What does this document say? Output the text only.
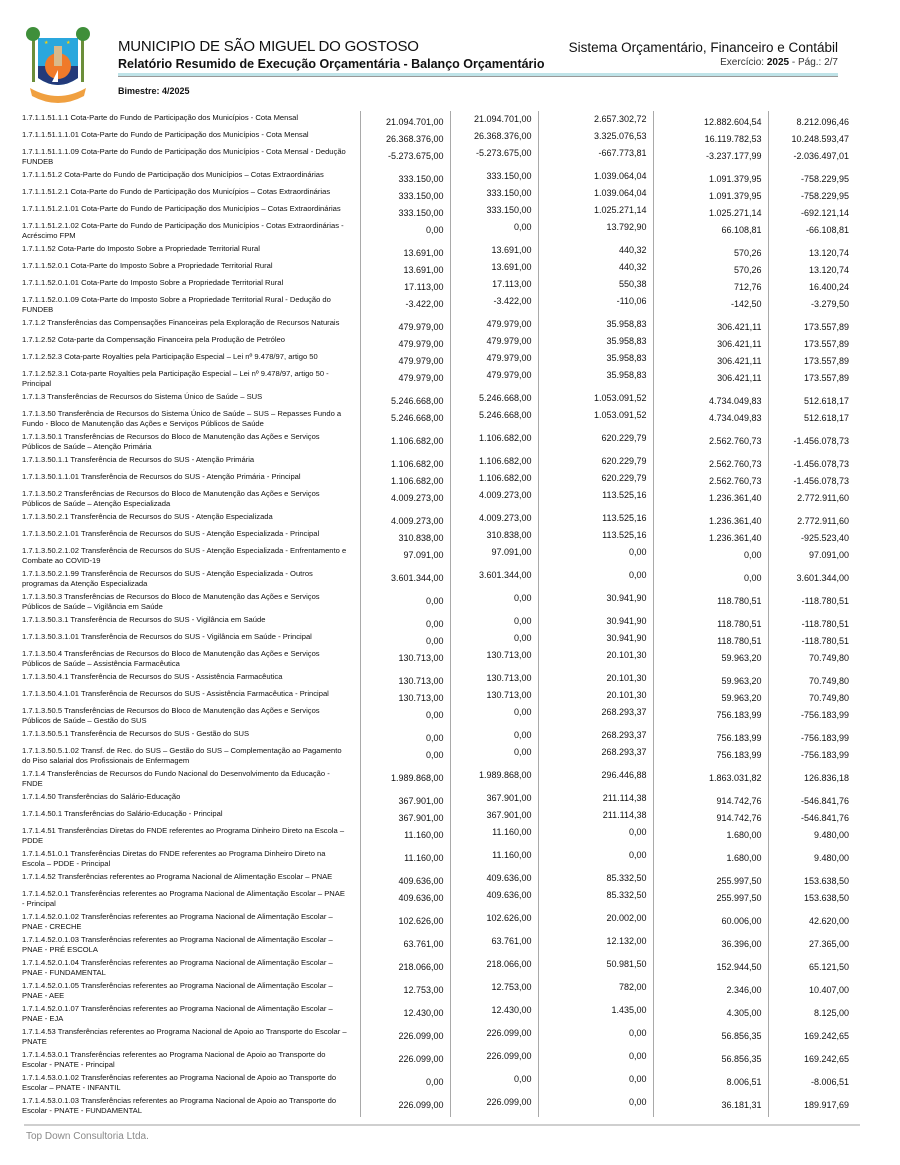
★	★	MUNICIPIO DE SÃO MIGUEL DO GOSTOSO
Relatório Resumido de Execução Orçamentária - Balanço Orçamentário
Sistema Orçamentário, Financeiro e Contábil
Exercício: 2025 - Pág.: 2/7
Bimestre: 4/2025
1.7.1.1.51.1.1 Cota-Parte do Fundo de Participação dos Municípios - Cota Mensal	21.094.701,00	21.094.701,00	2.657.302,72	12.882.604,54	8.212.096,46
1.7.1.1.51.1.1.01 Cota-Parte do Fundo de Participação dos Municípios - Cota Mensal	26.368.376,00	26.368.376,00	3.325.076,53	16.119.782,53	10.248.593,47
1.7.1.1.51.1.1.09 Cota-Parte do Fundo de Participação dos Municípios - Cota Mensal - Dedução FUNDEB	-5.273.675,00	-5.273.675,00	-667.773,81	-3.237.177,99	-2.036.497,01
1.7.1.1.51.2 Cota-Parte do Fundo de Participação dos Municípios – Cotas Extraordinárias	333.150,00	333.150,00	1.039.064,04	1.091.379,95	-758.229,95
1.7.1.1.51.2.1 Cota-Parte do Fundo de Participação dos Municípios – Cotas Extraordinárias	333.150,00	333.150,00	1.039.064,04	1.091.379,95	-758.229,95
1.7.1.1.51.2.1.01 Cota-Parte do Fundo de Participação dos Municípios – Cotas Extraordinárias	333.150,00	333.150,00	1.025.271,14	1.025.271,14	-692.121,14
1.7.1.1.51.2.1.02 Cota-Parte do Fundo de Participação dos Municípios - Cotas Extraordinárias - Acréscimo FPM	0,00	0,00	13.792,90	66.108,81	-66.108,81
1.7.1.1.52 Cota-Parte do Imposto Sobre a Propriedade Territorial Rural	13.691,00	13.691,00	440,32	570,26	13.120,74
1.7.1.1.52.0.1 Cota-Parte do Imposto Sobre a Propriedade Territorial Rural	13.691,00	13.691,00	440,32	570,26	13.120,74
1.7.1.1.52.0.1.01 Cota-Parte do Imposto Sobre a Propriedade Territorial Rural	17.113,00	17.113,00	550,38	712,76	16.400,24
1.7.1.1.52.0.1.09 Cota-Parte do Imposto Sobre a Propriedade Territorial Rural - Dedução do FUNDEB	-3.422,00	-3.422,00	-110,06	-142,50	-3.279,50
1.7.1.2 Transferências das Compensações Financeiras pela Exploração de Recursos Naturais	479.979,00	479.979,00	35.958,83	306.421,11	173.557,89
1.7.1.2.52 Cota-parte da Compensação Financeira pela Produção de Petróleo	479.979,00	479.979,00	35.958,83	306.421,11	173.557,89
1.7.1.2.52.3 Cota-parte Royalties pela Participação Especial – Lei nº 9.478/97, artigo 50	479.979,00	479.979,00	35.958,83	306.421,11	173.557,89
1.7.1.2.52.3.1 Cota-parte Royalties pela Participação Especial – Lei nº 9.478/97, artigo 50 - Principal	479.979,00	479.979,00	35.958,83	306.421,11	173.557,89
1.7.1.3 Transferências de Recursos do Sistema Único de Saúde – SUS	5.246.668,00	5.246.668,00	1.053.091,52	4.734.049,83	512.618,17
1.7.1.3.50 Transferência de Recursos do Sistema Único de Saúde – SUS – Repasses Fundo a Fundo - Bloco de Manutenção das Ações e Serviços Públicos de Saúde	5.246.668,00	5.246.668,00	1.053.091,52	4.734.049,83	512.618,17
1.7.1.3.50.1 Transferências de Recursos do Bloco de Manutenção das Ações e Serviços Públicos de Saúde – Atenção Primária	1.106.682,00	1.106.682,00	620.229,79	2.562.760,73	-1.456.078,73
1.7.1.3.50.1.1 Transferência de Recursos do SUS - Atenção Primária	1.106.682,00	1.106.682,00	620.229,79	2.562.760,73	-1.456.078,73
1.7.1.3.50.1.1.01 Transferência de Recursos do SUS - Atenção Primária - Principal	1.106.682,00	1.106.682,00	620.229,79	2.562.760,73	-1.456.078,73
1.7.1.3.50.2 Transferências de Recursos do Bloco de Manutenção das Ações e Serviços Públicos de Saúde – Atenção Especializada	4.009.273,00	4.009.273,00	113.525,16	1.236.361,40	2.772.911,60
1.7.1.3.50.2.1 Transferência de Recursos do SUS - Atenção Especializada	4.009.273,00	4.009.273,00	113.525,16	1.236.361,40	2.772.911,60
1.7.1.3.50.2.1.01 Transferência de Recursos do SUS - Atenção Especializada - Principal	310.838,00	310.838,00	113.525,16	1.236.361,40	-925.523,40
1.7.1.3.50.2.1.02 Transferência de Recursos do SUS - Atenção Especializada - Enfrentamento e Combate ao COVID-19	97.091,00	97.091,00	0,00	0,00	97.091,00
1.7.1.3.50.2.1.99 Transferência de Recursos do SUS - Atenção Especializada - Outros programas da Atenção Especializada	3.601.344,00	3.601.344,00	0,00	0,00	3.601.344,00
1.7.1.3.50.3 Transferências de Recursos do Bloco de Manutenção das Ações e Serviços Públicos de Saúde – Vigilância em Saúde	0,00	0,00	30.941,90	118.780,51	-118.780,51
1.7.1.3.50.3.1 Transferência de Recursos do SUS - Vigilância em Saúde	0,00	0,00	30.941,90	118.780,51	-118.780,51
1.7.1.3.50.3.1.01 Transferência de Recursos do SUS - Vigilância em Saúde - Principal	0,00	0,00	30.941,90	118.780,51	-118.780,51
1.7.1.3.50.4 Transferências de Recursos do Bloco de Manutenção das Ações e Serviços Públicos de Saúde – Assistência Farmacêutica	130.713,00	130.713,00	20.101,30	59.963,20	70.749,80
1.7.1.3.50.4.1 Transferência de Recursos do SUS - Assistência Farmacêutica	130.713,00	130.713,00	20.101,30	59.963,20	70.749,80
1.7.1.3.50.4.1.01 Transferência de Recursos do SUS - Assistência Farmacêutica - Principal	130.713,00	130.713,00	20.101,30	59.963,20	70.749,80
1.7.1.3.50.5 Transferências de Recursos do Bloco de Manutenção das Ações e Serviços Públicos de Saúde – Gestão do SUS	0,00	0,00	268.293,37	756.183,99	-756.183,99
1.7.1.3.50.5.1 Transferência de Recursos do SUS - Gestão do SUS	0,00	0,00	268.293,37	756.183,99	-756.183,99
1.7.1.3.50.5.1.02 Transf. de Rec. do SUS – Gestão do SUS – Complementação ao Pagamento do Piso salarial dos Profissionais de Enfermagem	0,00	0,00	268.293,37	756.183,99	-756.183,99
1.7.1.4 Transferências de Recursos do Fundo Nacional do Desenvolvimento da Educação -FNDE	1.989.868,00	1.989.868,00	296.446,88	1.863.031,82	126.836,18
1.7.1.4.50 Transferências do Salário-Educação	367.901,00	367.901,00	211.114,38	914.742,76	-546.841,76
1.7.1.4.50.1 Transferências do Salário-Educação - Principal	367.901,00	367.901,00	211.114,38	914.742,76	-546.841,76
1.7.1.4.51 Transferências Diretas do FNDE referentes ao Programa Dinheiro Direto na Escola – PDDE	11.160,00	11.160,00	0,00	1.680,00	9.480,00
1.7.1.4.51.0.1 Transferências Diretas do FNDE referentes ao Programa Dinheiro Direto na Escola – PDDE - Principal	11.160,00	11.160,00	0,00	1.680,00	9.480,00
1.7.1.4.52 Transferências referentes ao Programa Nacional de Alimentação Escolar – PNAE	409.636,00	409.636,00	85.332,50	255.997,50	153.638,50
1.7.1.4.52.0.1 Transferências referentes ao Programa Nacional de Alimentação Escolar – PNAE - Principal	409.636,00	409.636,00	85.332,50	255.997,50	153.638,50
1.7.1.4.52.0.1.02 Transferências referentes ao Programa Nacional de Alimentação Escolar – PNAE - CRECHE	102.626,00	102.626,00	20.002,00	60.006,00	42.620,00
1.7.1.4.52.0.1.03 Transferências referentes ao Programa Nacional de Alimentação Escolar – PNAE - PRÉ ESCOLA	63.761,00	63.761,00	12.132,00	36.396,00	27.365,00
1.7.1.4.52.0.1.04 Transferências referentes ao Programa Nacional de Alimentação Escolar – PNAE - FUNDAMENTAL	218.066,00	218.066,00	50.981,50	152.944,50	65.121,50
1.7.1.4.52.0.1.05 Transferências referentes ao Programa Nacional de Alimentação Escolar – PNAE - AEE	12.753,00	12.753,00	782,00	2.346,00	10.407,00
1.7.1.4.52.0.1.07 Transferências referentes ao Programa Nacional de Alimentação Escolar – PNAE - EJA	12.430,00	12.430,00	1.435,00	4.305,00	8.125,00
1.7.1.4.53 Transferências referentes ao Programa Nacional de Apoio ao Transporte do Escolar – PNATE	226.099,00	226.099,00	0,00	56.856,35	169.242,65
1.7.1.4.53.0.1 Transferências referentes ao Programa Nacional de Apoio ao Transporte do Escolar - PNATE - Principal	226.099,00	226.099,00	0,00	56.856,35	169.242,65
1.7.1.4.53.0.1.02 Transferências referentes ao Programa Nacional de Apoio ao Transporte do Escolar – PNATE - INFANTIL	0,00	0,00	0,00	8.006,51	-8.006,51
1.7.1.4.53.0.1.03 Transferências referentes ao Programa Nacional de Apoio ao Transporte do Escolar - PNATE - FUNDAMENTAL	226.099,00	226.099,00	0,00	36.181,31	189.917,69
Top Down Consultoria Ltda.
